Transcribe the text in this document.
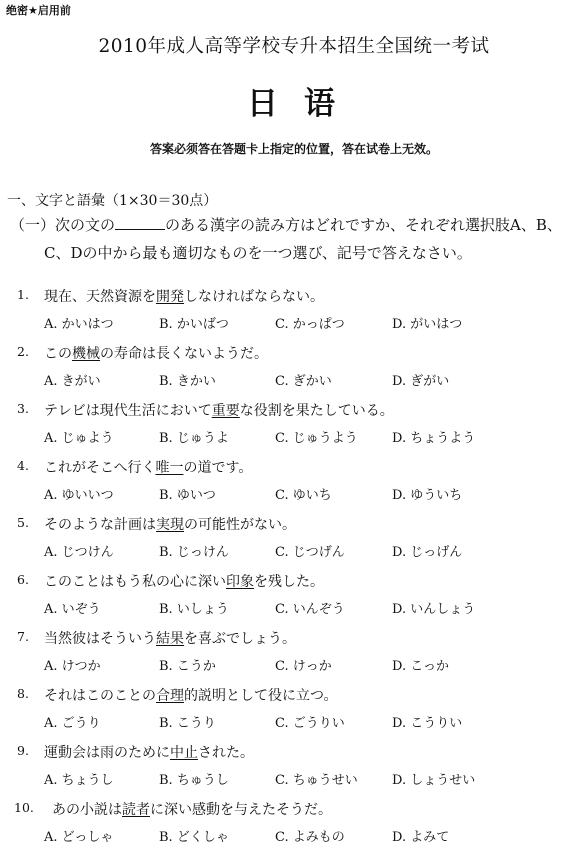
绝密★启用前
2010年成人高等学校专升本招生全国统一考试
日语
答案必须答在答题卡上指定的位置，答在试卷上无效。
一、文字と語彙（1×30＝30点）
（一）次の文の	のある漢字の読み方はどれですか、それぞれ選択肢A、B、
C、Dの中から最も適切なものを一つ選び、記号で答えなさい。
1. 現在、天然資源を開発しなければならない。
A. かいはつ	B. かいばつ	C. かっぱつ	D. がいはつ
2. この機械の寿命は長くないようだ。
A. きがい	B. きかい	C. ぎかい	D. ぎがい
3. テレビは現代生活において重要な役割を果たしている。
A. じゅよう	B. じゅうよ	C. じゅうよう	D. ちょうよう
4. これがそこへ行く唯一の道です。
A. ゆいいつ	B. ゆいつ	C. ゆいち	D. ゆういち
5. そのような計画は実現の可能性がない。
A. じつけん	B. じっけん	C. じつげん	D. じっげん
6. このことはもう私の心に深い印象を残した。
A. いぞう	B. いしょう	C. いんぞう	D. いんしょう
7. 当然彼はそういう結果を喜ぶでしょう。
A. けつか	B. こうか	C. けっか	D. こっか
8. それはこのことの合理的説明として役に立つ。
A. ごうり	B. こうり	C. ごうりい	D. こうりい
9. 運動会は雨のために中止された。
A. ちょうし	B. ちゅうし	C. ちゅうせい	D. しょうせい
10. あの小説は読者に深い感動を与えたそうだ。
A. どっしゃ	B. どくしゃ	C. よみもの	D. よみて
